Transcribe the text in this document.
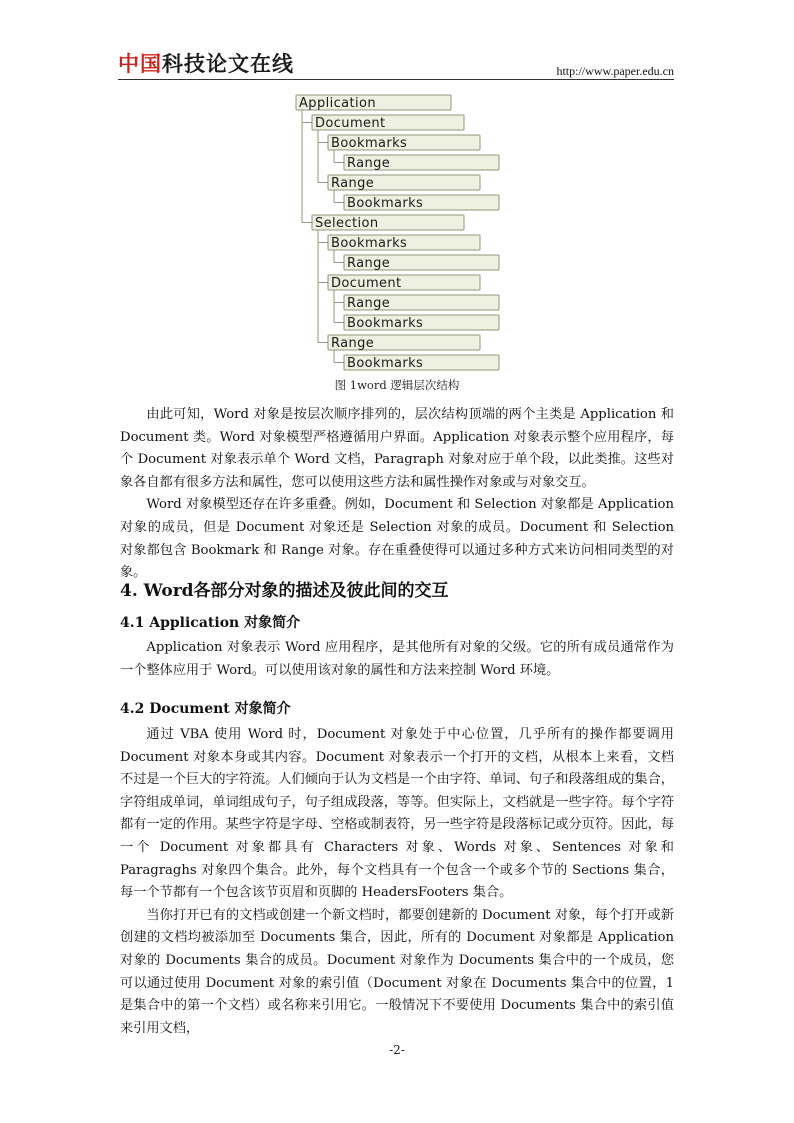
中国科技论文在线	http://www.paper.edu.cn
Application
Document
Bookmarks
Range
Range
Bookmarks
Selection
Bookmarks
Range
Document
Range
Bookmarks
Range
Bookmarks
图 1word 逻辑层次结构

由此可知，Word 对象是按层次顺序排列的，层次结构顶端的两个主类是 Application 和 Document 类。Word 对象模型严格遵循用户界面。Application 对象表示整个应用程序，每个 Document 对象表示单个 Word 文档，Paragraph 对象对应于单个段，以此类推。这些对象各自都有很多方法和属性，您可以使用这些方法和属性操作对象或与对象交互。

Word 对象模型还存在许多重叠。例如，Document 和 Selection 对象都是 Application 对象的成员，但是 Document 对象还是 Selection 对象的成员。Document 和 Selection 对象都包含 Bookmark 和 Range 对象。存在重叠使得可以通过多种方式来访问相同类型的对象。

4. Word各部分对象的描述及彼此间的交互
4.1 Application 对象简介

Application 对象表示 Word 应用程序，是其他所有对象的父级。它的所有成员通常作为一个整体应用于 Word。可以使用该对象的属性和方法来控制 Word 环境。

4.2 Document 对象简介

通过 VBA 使用 Word 时，Document 对象处于中心位置，几乎所有的操作都要调用 Document 对象本身或其内容。Document 对象表示一个打开的文档，从根本上来看，文档不过是一个巨大的字符流。人们倾向于认为文档是一个由字符、单词、句子和段落组成的集合，字符组成单词，单词组成句子，句子组成段落，等等。但实际上，文档就是一些字符。每个字符都有一定的作用。某些字符是字母、空格或制表符，另一些字符是段落标记或分页符。因此，每一个 Document 对象都具有 Characters 对象、Words 对象、Sentences 对象和 Paragraghs 对象四个集合。此外，每个文档具有一个包含一个或多个节的 Sections 集合，每一个节都有一个包含该节页眉和页脚的 HeadersFooters 集合。

当你打开已有的文档或创建一个新文档时，都要创建新的 Document 对象，每个打开或新创建的文档均被添加至 Documents 集合，因此，所有的 Document 对象都是 Application 对象的 Documents 集合的成员。Document 对象作为 Documents 集合中的一个成员，您可以通过使用 Document 对象的索引值（Document 对象在 Documents 集合中的位置，1 是集合中的第一个文档）或名称来引用它。一般情况下不要使用 Documents 集合中的索引值来引用文档，

-2-
